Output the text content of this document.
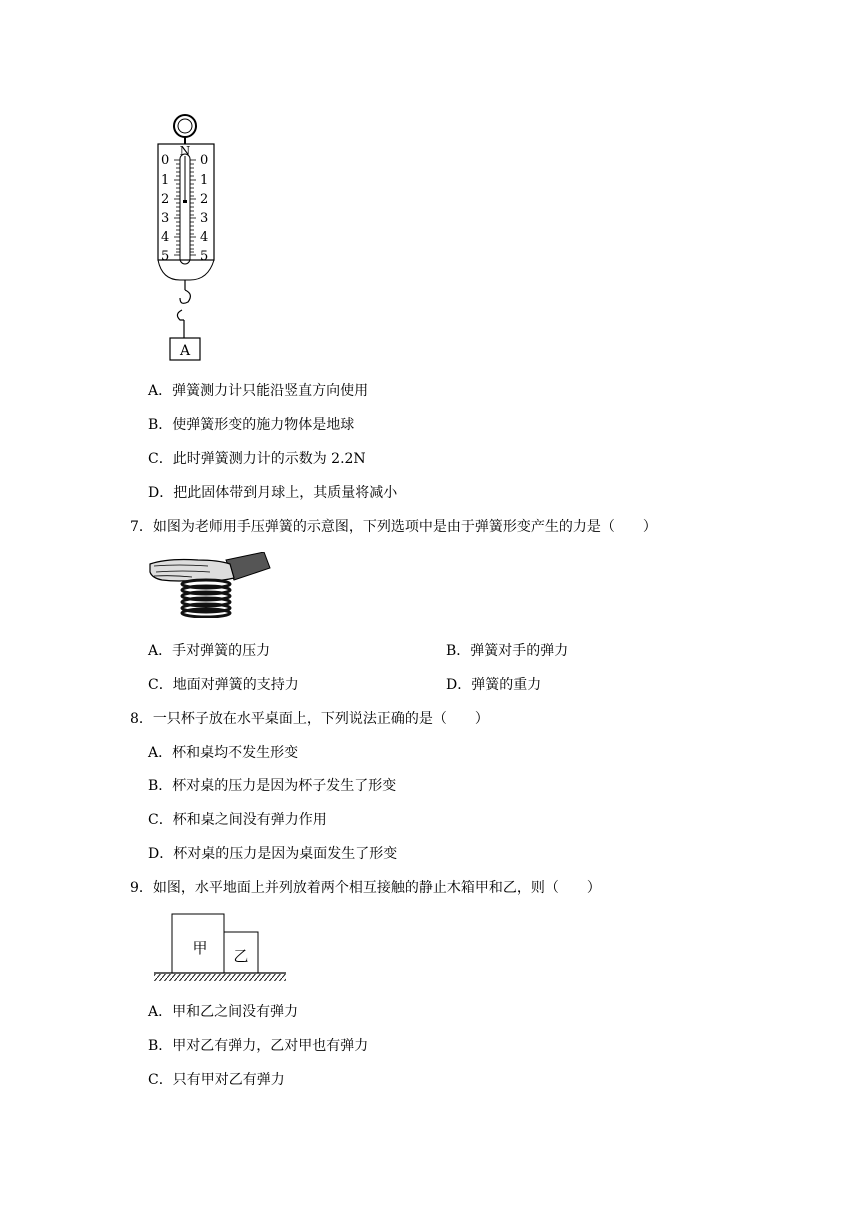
N
0
1
2
3
4
5
0
1
2
3
4
5
A
A．弹簧测力计只能沿竖直方向使用
B．使弹簧形变的施力物体是地球
C．此时弹簧测力计的示数为 2.2N
D．把此固体带到月球上，其质量将减小
7．如图为老师用手压弹簧的示意图，下列选项中是由于弹簧形变产生的力是（　　）
A．手对弹簧的压力	B．弹簧对手的弹力
C．地面对弹簧的支持力	D．弹簧的重力
8．一只杯子放在水平桌面上，下列说法正确的是（　　）
A．杯和桌均不发生形变
B．杯对桌的压力是因为杯子发生了形变
C．杯和桌之间没有弹力作用
D．杯对桌的压力是因为桌面发生了形变
9．如图，水平地面上并列放着两个相互接触的静止木箱甲和乙，则（　　）
甲 乙
A．甲和乙之间没有弹力
B．甲对乙有弹力，乙对甲也有弹力
C．只有甲对乙有弹力
